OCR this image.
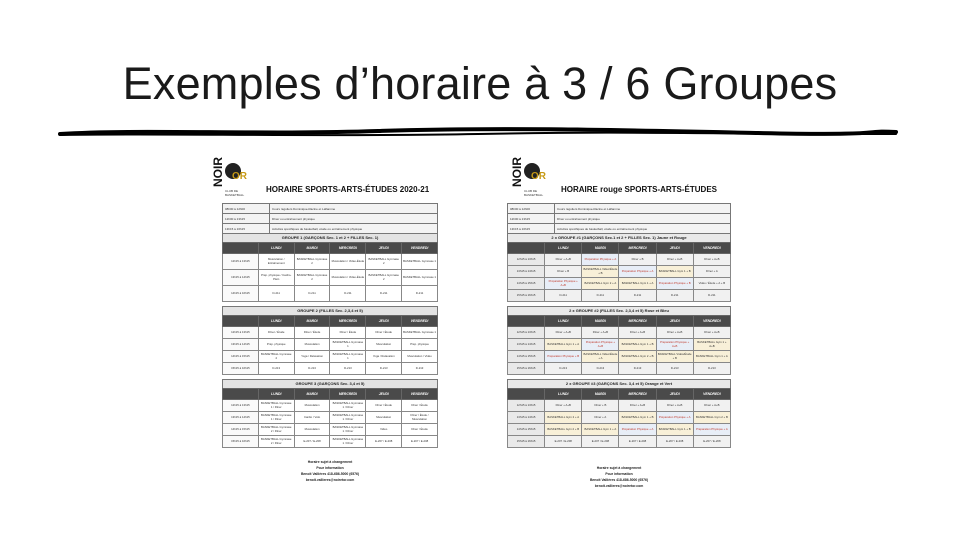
Exemples d’horaire à 3 / 6 Groupes
NOIR OR
CLUB DE BASKETBALL
HORAIRE SPORTS-ARTS-ÉTUDES 2020-21
08h00 à 12h00	Cours réguliers Dominique-Racine et Laflamme
12h00 à 13h15	Dîner ou entraînement physique
13h15 à 16h15	Activités spécifiques de basketball, étude ou entraînement physique
GROUPE 1 (GARÇONS Sec. 1 et 2 + FILLES Sec. 1)
	LUNDI	MARDI	MERCREDI	JEUDI	VENDREDI
12h15 à 13h15	Musculation / Entraînement	BASKETBALL Gymnase 2	Musculation / Vidéo-Étude	BASKETBALL Gymnase 2	BASKETBALL Gymnase 1
13h15 à 14h15	Prép. physique / Cardio-Plein	BASKETBALL Gymnase 2	Musculation / Vidéo-Étude	BASKETBALL Gymnase 2	BASKETBALL Gymnase 1
14h15 à 16h15	D-211	D-211	D-211	D-211	D-211
GROUPE 2 (FILLES Sec. 2,3,4 et 5)
	LUNDI	MARDI	MERCREDI	JEUDI	VENDREDI
12h15 à 13h15	Dîner / Étude	Dîner / Étude	Dîner / Étude	Dîner / Étude	BASKETBALL Gymnase 1
13h15 à 14h15	Prép. physique	Musculation	BASKETBALL Gymnase 1	Musculation	Prép. physique
14h15 à 15h15	BASKETBALL Gymnase 2	Yoga / Relaxation	BASKETBALL Gymnase 1	Yoga / Relaxation	Musculation / Vidéo
15h15 à 16h15	D-213	D-213	D-213	D-213	D-213
GROUPE 3 (GARÇONS Sec. 3,4 et 5)
	LUNDI	MARDI	MERCREDI	JEUDI	VENDREDI
12h15 à 13h15	BASKETBALL Gymnase 1 / Dîner	Musculation	BASKETBALL Gymnase 1 / Dîner	Dîner / Étude	Dîner / Étude
13h15 à 14h15	BASKETBALL Gymnase 1 / Dîner	Cardio / Vélo	BASKETBALL Gymnase 1 / Dîner	Musculation	Dîner / Étude / Musculation
14h15 à 15h15	BASKETBALL Gymnase 2 / Dîner	Musculation	BASKETBALL Gymnase 1 / Dîner	Vidéo	Dîner / Étude
15h15 à 16h15	BASKETBALL Gymnase 2 / Dîner	E-207 / E-208	BASKETBALL Gymnase 1 / Dîner	E-207 / E-208	E-207 / E-208
Horaire sujet à changement
Pour information
Benoit Vallières 418-686-5000 (6576)
benoit.vallieres@noiretor.com
NOIR OR
CLUB DE BASKETBALL
HORAIRE rouge SPORTS-ARTS-ÉTUDES
08h00 à 12h00	Cours réguliers Dominique-Racine et Laflamme
12h00 à 13h15	Dîner ou entraînement physique
13h15 à 16h15	Activités spécifiques de basketball, étude ou entraînement physique
2 x GROUPE #1 (GARÇONS Sec.1 et 2 + FILLES Sec. 1) Jaune et Rouge
	LUNDI	MARDI	MERCREDI	JEUDI	VENDREDI
12h15 à 13h15	Dîner + A+B	Préparation Physique + A	Dîner + B	Dîner + A+B	Dîner + A+B
13h15 à 14h15	Dîner + B	BASKETBALL Vidéo/Étude + B	Préparation Physique + A	BASKETBALL Gym 1 + B	Dîner + A
14h15 à 15h15	Préparation Physique + A+B	BASKETBALL Gym 2 + A	BASKETBALL Gym 1 + A	Préparation Physique + B	Vidéo / Étude + A + B
15h15 à 16h15	D-211	D-211	D-211	D-211	D-211
2 x GROUPE #2 (FILLES Sec. 2,3,4 et 5) Rose et Bleu
	LUNDI	MARDI	MERCREDI	JEUDI	VENDREDI
12h15 à 13h15	Dîner + A+B	Dîner + A+B	Dîner + A+B	Dîner + A+B	Dîner + A+B
13h15 à 14h15	BASKETBALL Gym 1 + A	Préparation Physique + A+B	BASKETBALL Gym 1 + B	Préparation Physique + A+B	BASKETBALL Gym 1 + A+B
14h15 à 15h15	Préparation Physique + B	BASKETBALL Vidéo/Étude + A	BASKETBALL Gym 2 + B	BASKETBALL Vidéo/Étude + B	BASKETBALL Gym 1 + A
15h15 à 16h15	D-213	D-213	D-213	D-213	D-213
2 x GROUPE #3 (GARÇONS Sec. 3,4 et 5) Orange et Vert
	LUNDI	MARDI	MERCREDI	JEUDI	VENDREDI
12h15 à 13h15	Dîner + A+B	Dîner + B	Dîner + A+B	Dîner + A+B	Dîner + A+B
13h15 à 14h15	BASKETBALL Gym 2 + A	Dîner + A	BASKETBALL Gym 1 + B	Préparation Physique + A	BASKETBALL Gym 2 + B
14h15 à 15h15	BASKETBALL Gym 2 + B	BASKETBALL Gym 1 + A	Préparation Physique + A	BASKETBALL Gym 1 + B	Préparation Physique + A
15h15 à 16h15	E-207 / E-208	E-207 / E-208	E-207 / E-208	E-207 / E-208	E-207 / E-208
Horaire sujet à changement
Pour information
Benoit Vallières 418-686-5000 (6576)
benoit.vallieres@noiretor.com
